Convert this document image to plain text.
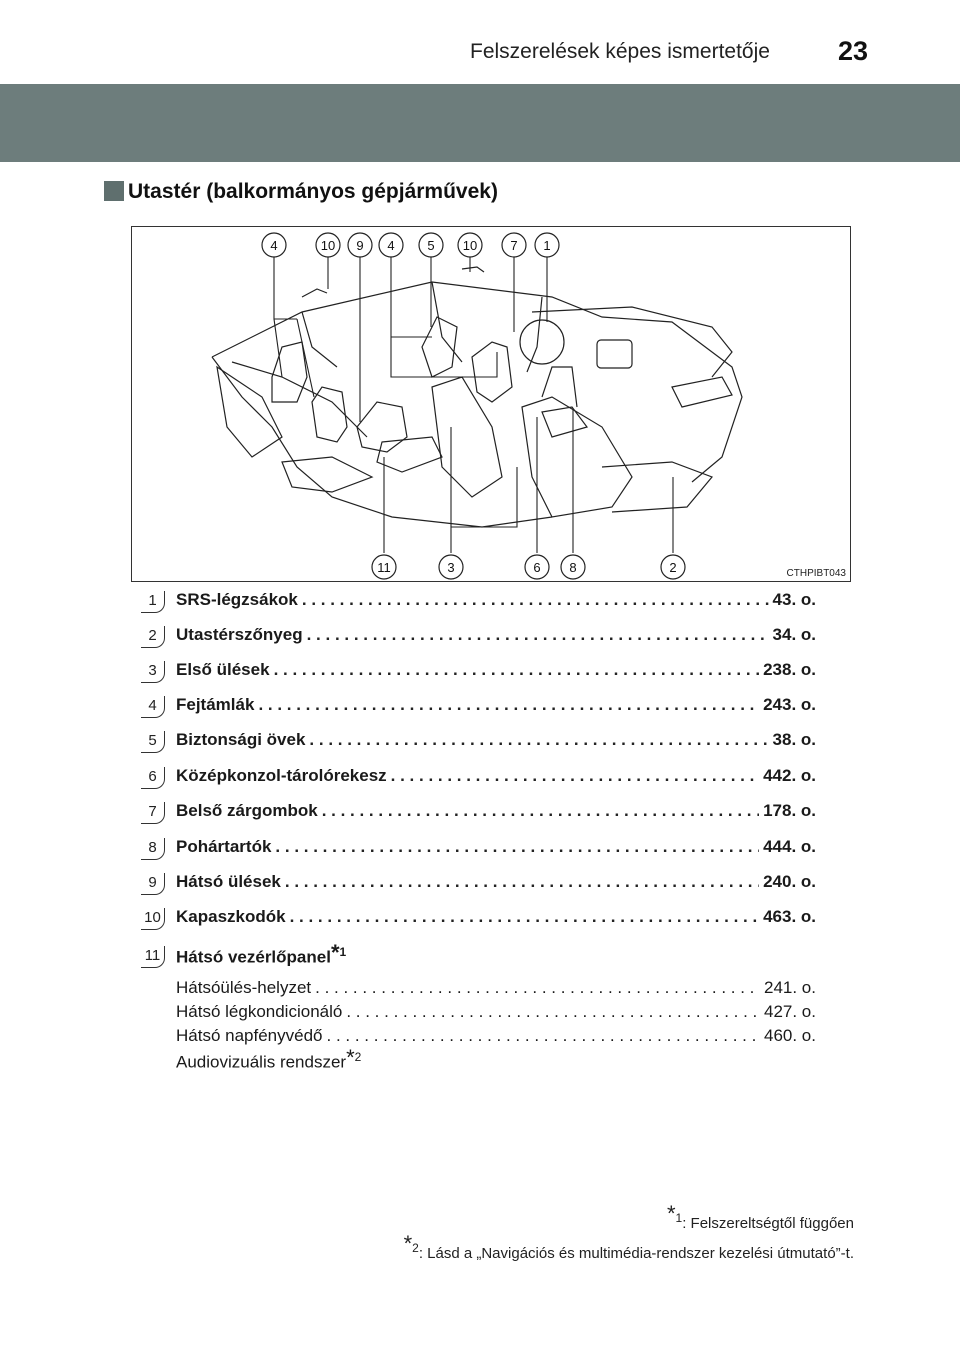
Felszerelések képes ismertetője	23
Utastér (balkormányos gépjárművek)
4	10 9 4	5 10	7 1
11	3	6 8	2	CTHPIBT043
1	SRS-légzsákok . . .	43. o.
2	Utastérszőnyeg . . .	34. o.
3	Első ülések . . .	238. o.
4	Fejtámlák . . .	243. o.
5	Biztonsági övek . . .	38. o.
6	Középkonzol-tárolórekesz . . .	442. o.
7	Belső zárgombok . . .	178. o.
8	Pohártartók . . .	444. o.
9	Hátsó ülések . . .	240. o.
10 Kapaszkodók . . .	463. o.
11 Hátsó vezérlőpanel*$^1$
Hátsóülés-helyzet . . .	241. o.
Hátsó légkondicionáló . . .	427. o.
Hátsó napfényvédő . . .	460. o.
Audiovizuális rendszer*$^2$
*$^1$: Felszereltségtől függően
*$^2$: Lásd a „Navigációs és multimédia-rendszer kezelési útmutató”-t.
